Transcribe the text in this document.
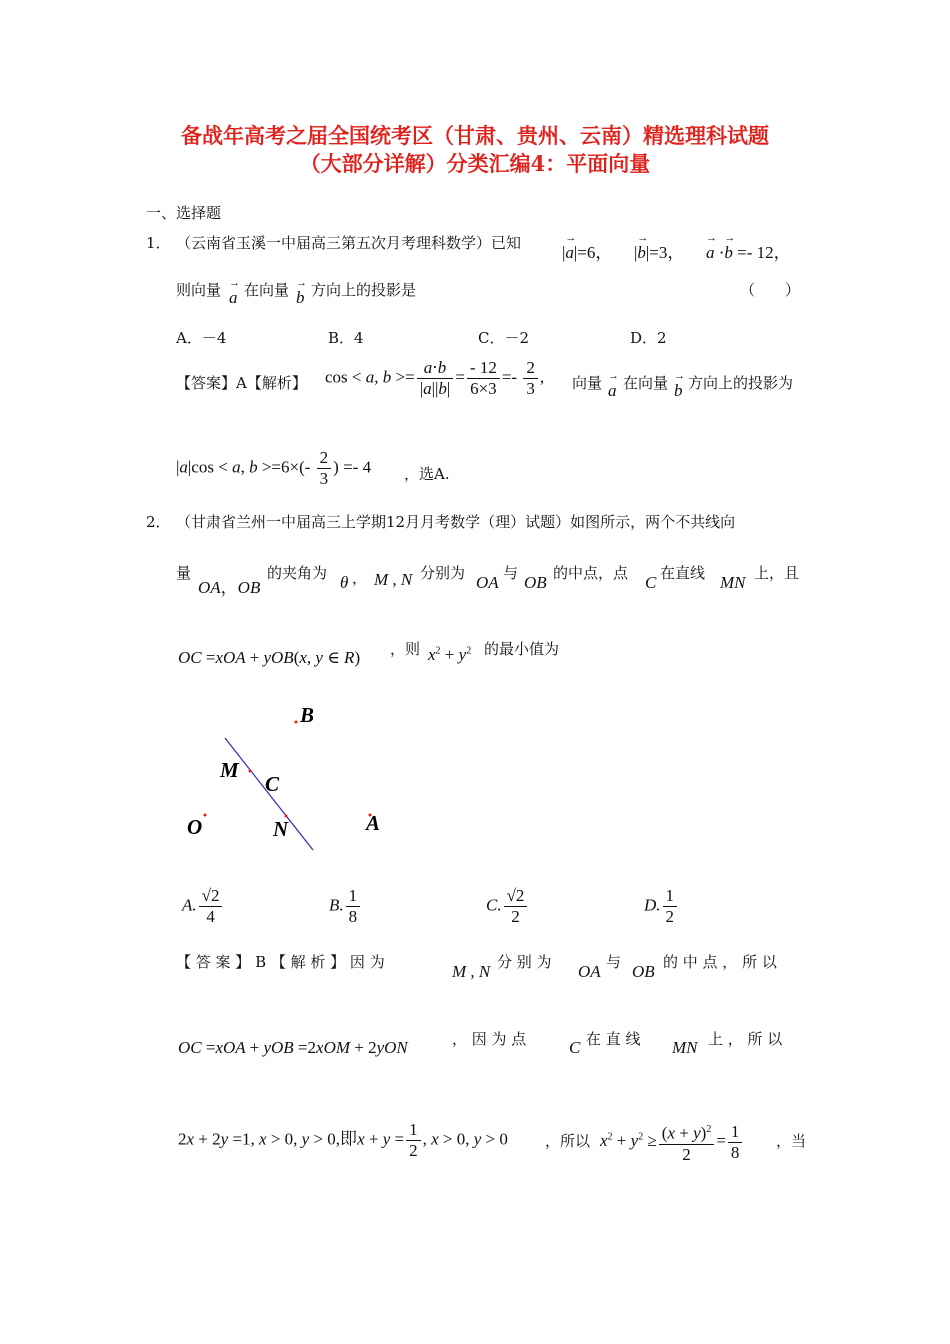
备战年高考之届全国统考区（甘肃、贵州、云南）精选理科试题
（大部分详解）分类汇编4：平面向量
一、选择题
1． （云南省玉溪一中届高三第五次月考理科数学）已知 |→ a|=6， |→ b|=3， → a ·→ b =- 12，
则向量 → a 在向量 → b 方向上的投影是	（　　）
A．－4	B．4	C．－2	D．2
【答案】A【解析】 cos < a, $b >= \frac{a\cdot b}{|a||b|} = \frac{- 12}{6\times 3} =- \frac{2}{3}$ , 向量 → a 在向量 → b 方向上的投影为
|a|cos < a, $b >=6\times(- \frac{2}{3}$ ) =- 4 ，选A.
2． （甘肃省兰州一中届高三上学期12月月考数学（理）试题）如图所示，两个不共线向
量
OA，OB
的夹角为 θ ， M , N 分别为 OA 与 OB 的中点，点 C 在直线 MN 上，且
OC =xOA + yOB(x, y ∈ R) ，则 $x^2 + y^2$ 的最小值为
B
M
C
O	N	A
A. $\frac{√2}{4}$	B. $\frac{1}{8}$	C. $\frac{√2}{2}$	D. $\frac{1}{2}$
【 答 案 】 B 【 解 析 】 因 为	M , N 分 别 为 OA 与 OB 的 中 点 ， 所 以
OC =xOA + yOB =2xOM + 2yON	， 因 为 点	C 在 直 线 MN 上 ， 所 以
2x + 2y =1, x > 0, y > 0,即$x + y = \frac{1}{2}$ , x > 0, y > 0 ，所以 $x^2 + y^2 \ge \frac{(x + y)^2}{2} = \frac{1}{8}$ ，当
